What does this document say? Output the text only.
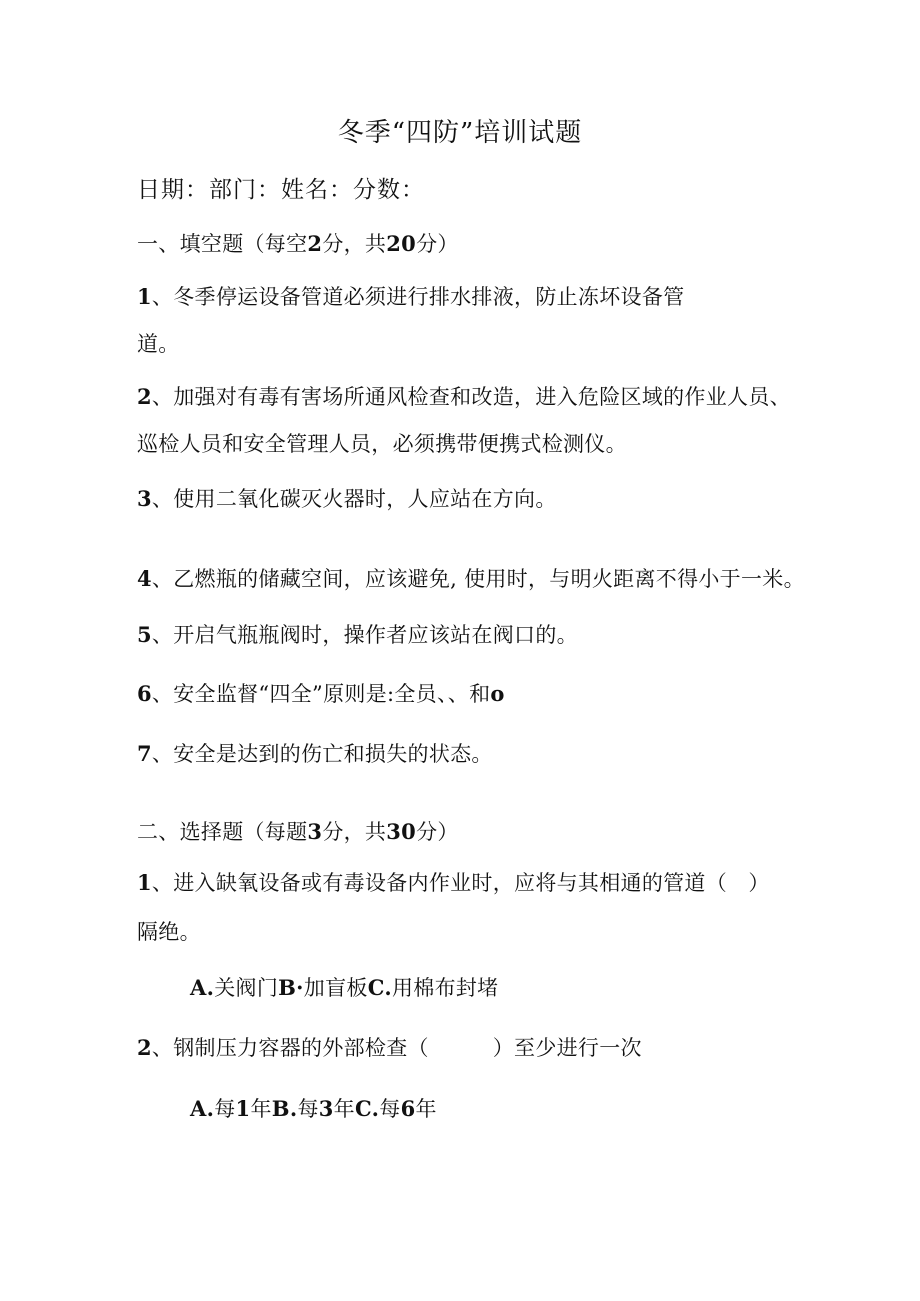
冬季“四防”培训试题
日期：部门：姓名：分数：
一、填空题（每空2分，共20分）
1、冬季停运设备管道必须进行排水排液，防止冻坏设备管
道。
2、加强对有毒有害场所通风检查和改造，进入危险区域的作业人员、
巡检人员和安全管理人员，必须携带便携式检测仪。
3、使用二氧化碳灭火器时，人应站在方向。
4、乙燃瓶的储藏空间，应该避免, 使用时，与明火距离不得小于一米。
5、开启气瓶瓶阀时，操作者应该站在阀口的。
6、安全监督“四全”原则是:全员、、和o
7、安全是达到的伤亡和损失的状态。
二、选择题（每题3分，共30分）
1、进入缺氧设备或有毒设备内作业时，应将与其相通的管道（　）
隔绝。
A.关阀门B·加盲板C.用棉布封堵
2、钢制压力容器的外部检查（　　　）至少进行一次
A.每1年B.每3年C.每6年
